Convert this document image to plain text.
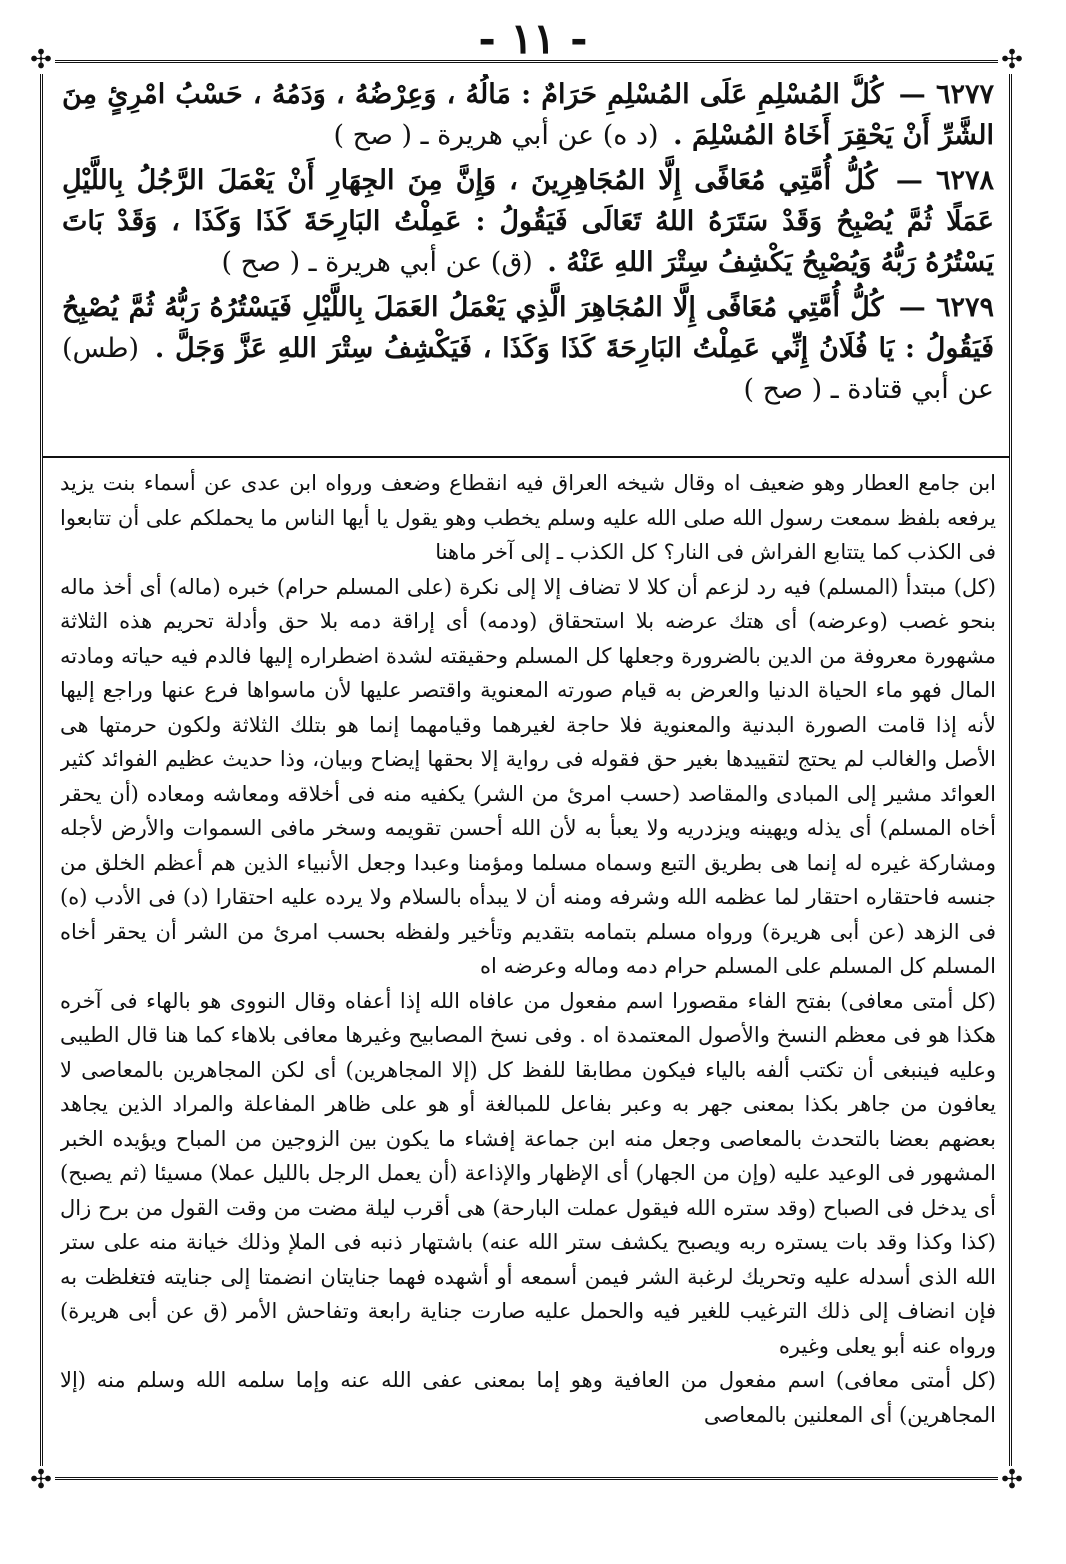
- ١١ -
✣	✣
✣	✣

٦٢٧٧ — كُلُّ المُسْلِمِ عَلَى المُسْلِمِ حَرَامٌ : مَالُهُ ، وَعِرْضُهُ ، وَدَمُهُ ، حَسْبُ امْرِئٍ مِنَ الشَّرِّ أَنْ يَحْقِرَ أَخَاهُ المُسْلِمَ . (د ه) عن أبي هريرة ـ ( صح )

٦٢٧٨ — كُلُّ أُمَّتِي مُعَافًى إِلَّا المُجَاهِرِينَ ، وَإِنَّ مِنَ الجِهَارِ أَنْ يَعْمَلَ الرَّجُلُ بِاللَّيْلِ عَمَلًا ثُمَّ يُصْبِحُ وَقَدْ سَتَرَهُ اللهُ تَعَالَى فَيَقُولُ : عَمِلْتُ البَارِحَةَ كَذَا وَكَذَا ، وَقَدْ بَاتَ يَسْتُرُهُ رَبُّهُ وَيُصْبِحُ يَكْشِفُ سِتْرَ اللهِ عَنْهُ . (ق) عن أبي هريرة ـ ( صح )

٦٢٧٩ — كُلُّ أُمَّتِي مُعَافًى إِلَّا المُجَاهِرَ الَّذِي يَعْمَلُ العَمَلَ بِاللَّيْلِ فَيَسْتُرُهُ رَبُّهُ ثُمَّ يُصْبِحُ فَيَقُولُ : يَا فُلَانُ إِنِّي عَمِلْتُ البَارِحَةَ كَذَا وَكَذَا ، فَيَكْشِفُ سِتْرَ اللهِ عَزَّ وَجَلَّ . (طس) عن أبي قتادة ـ ( صح )

ابن جامع العطار وهو ضعيف اه وقال شيخه العراق فيه انقطاع وضعف ورواه ابن عدى عن أسماء بنت يزيد يرفعه بلفظ سمعت رسول الله صلى الله عليه وسلم يخطب وهو يقول يا أيها الناس ما يحملكم على أن تتابعوا فى الكذب كما يتتابع الفراش فى النار؟ كل الكذب ـ إلى آخر ماهنا

(كل) مبتدأ (المسلم) فيه رد لزعم أن كلا لا تضاف إلا إلى نكرة (على المسلم حرام) خبره (ماله) أى أخذ ماله بنحو غصب (وعرضه) أى هتك عرضه بلا استحقاق (ودمه) أى إراقة دمه بلا حق وأدلة تحريم هذه الثلاثة مشهورة معروفة من الدين بالضرورة وجعلها كل المسلم وحقيقته لشدة اضطراره إليها فالدم فيه حياته ومادته المال فهو ماء الحياة الدنيا والعرض به قيام صورته المعنوية واقتصر عليها لأن ماسواها فرع عنها وراجع إليها لأنه إذا قامت الصورة البدنية والمعنوية فلا حاجة لغيرهما وقيامهما إنما هو بتلك الثلاثة ولكون حرمتها هى الأصل والغالب لم يحتج لتقييدها بغير حق فقوله فى رواية إلا بحقها إيضاح وبيان، وذا حديث عظيم الفوائد كثير العوائد مشير إلى المبادى والمقاصد (حسب امرئ من الشر) يكفيه منه فى أخلاقه ومعاشه ومعاده (أن يحقر أخاه المسلم) أى يذله ويهينه ويزدريه ولا يعبأ به لأن الله أحسن تقويمه وسخر مافى السموات والأرض لأجله ومشاركة غيره له إنما هى بطريق التبع وسماه مسلما ومؤمنا وعبدا وجعل الأنبياء الذين هم أعظم الخلق من جنسه فاحتقاره احتقار لما عظمه الله وشرفه ومنه أن لا يبدأه بالسلام ولا يرده عليه احتقارا (د) فى الأدب (ه) فى الزهد (عن أبى هريرة) ورواه مسلم بتمامه بتقديم وتأخير ولفظه بحسب امرئ من الشر أن يحقر أخاه المسلم كل المسلم على المسلم حرام دمه وماله وعرضه اه

(كل أمتى معافى) بفتح الفاء مقصورا اسم مفعول من عافاه الله إذا أعفاه وقال النووى هو بالهاء فى آخره هكذا هو فى معظم النسخ والأصول المعتمدة اه . وفى نسخ المصابيح وغيرها معافى بلاهاء كما هنا قال الطيبى وعليه فينبغى أن تكتب ألفه بالياء فيكون مطابقا للفظ كل (إلا المجاهرين) أى لكن المجاهرين بالمعاصى لا يعافون من جاهر بكذا بمعنى جهر به وعبر بفاعل للمبالغة أو هو على ظاهر المفاعلة والمراد الذين يجاهد بعضهم بعضا بالتحدث بالمعاصى وجعل منه ابن جماعة إفشاء ما يكون بين الزوجين من المباح ويؤيده الخبر المشهور فى الوعيد عليه (وإن من الجهار) أى الإظهار والإذاعة (أن يعمل الرجل بالليل عملا) مسيئا (ثم يصبح) أى يدخل فى الصباح (وقد ستره الله فيقول عملت البارحة) هى أقرب ليلة مضت من وقت القول من برح زال (كذا وكذا وقد بات يستره ربه ويصبح يكشف ستر الله عنه) باشتهار ذنبه فى الملإ وذلك خيانة منه على ستر الله الذى أسدله عليه وتحريك لرغبة الشر فيمن أسمعه أو أشهده فهما جنايتان انضمتا إلى جنايته فتغلظت به فإن انضاف إلى ذلك الترغيب للغير فيه والحمل عليه صارت جناية رابعة وتفاحش الأمر (ق عن أبى هريرة) ورواه عنه أبو يعلى وغيره

(كل أمتى معافى) اسم مفعول من العافية وهو إما بمعنى عفى الله عنه وإما سلمه الله وسلم منه (إلا المجاهرين) أى المعلنين بالمعاصى
